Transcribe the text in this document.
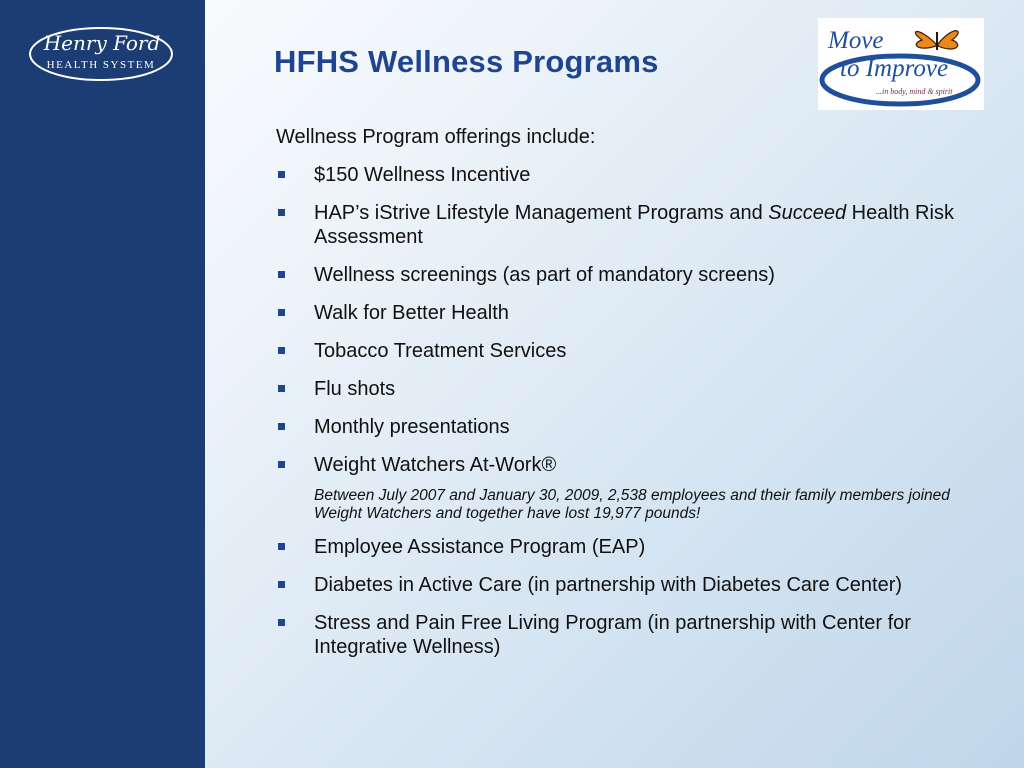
Henry Ford
HEALTH SYSTEM	HFHS Wellness Programs
Move
to Improve
...in body, mind & spirit

Wellness Program offerings include:

$150 Wellness Incentive
HAP’s iStrive Lifestyle Management Programs and Succeed Health Risk Assessment
Wellness screenings (as part of mandatory screens)
Walk for Better Health
Tobacco Treatment Services
Flu shots
Monthly presentations
Weight Watchers At-Work®
Between July 2007 and January 30, 2009, 2,538 employees and their family members joined Weight Watchers and together have lost 19,977 pounds!
Employee Assistance Program (EAP)
Diabetes in Active Care (in partnership with Diabetes Care Center)
Stress and Pain Free Living Program (in partnership with Center for Integrative Wellness)
